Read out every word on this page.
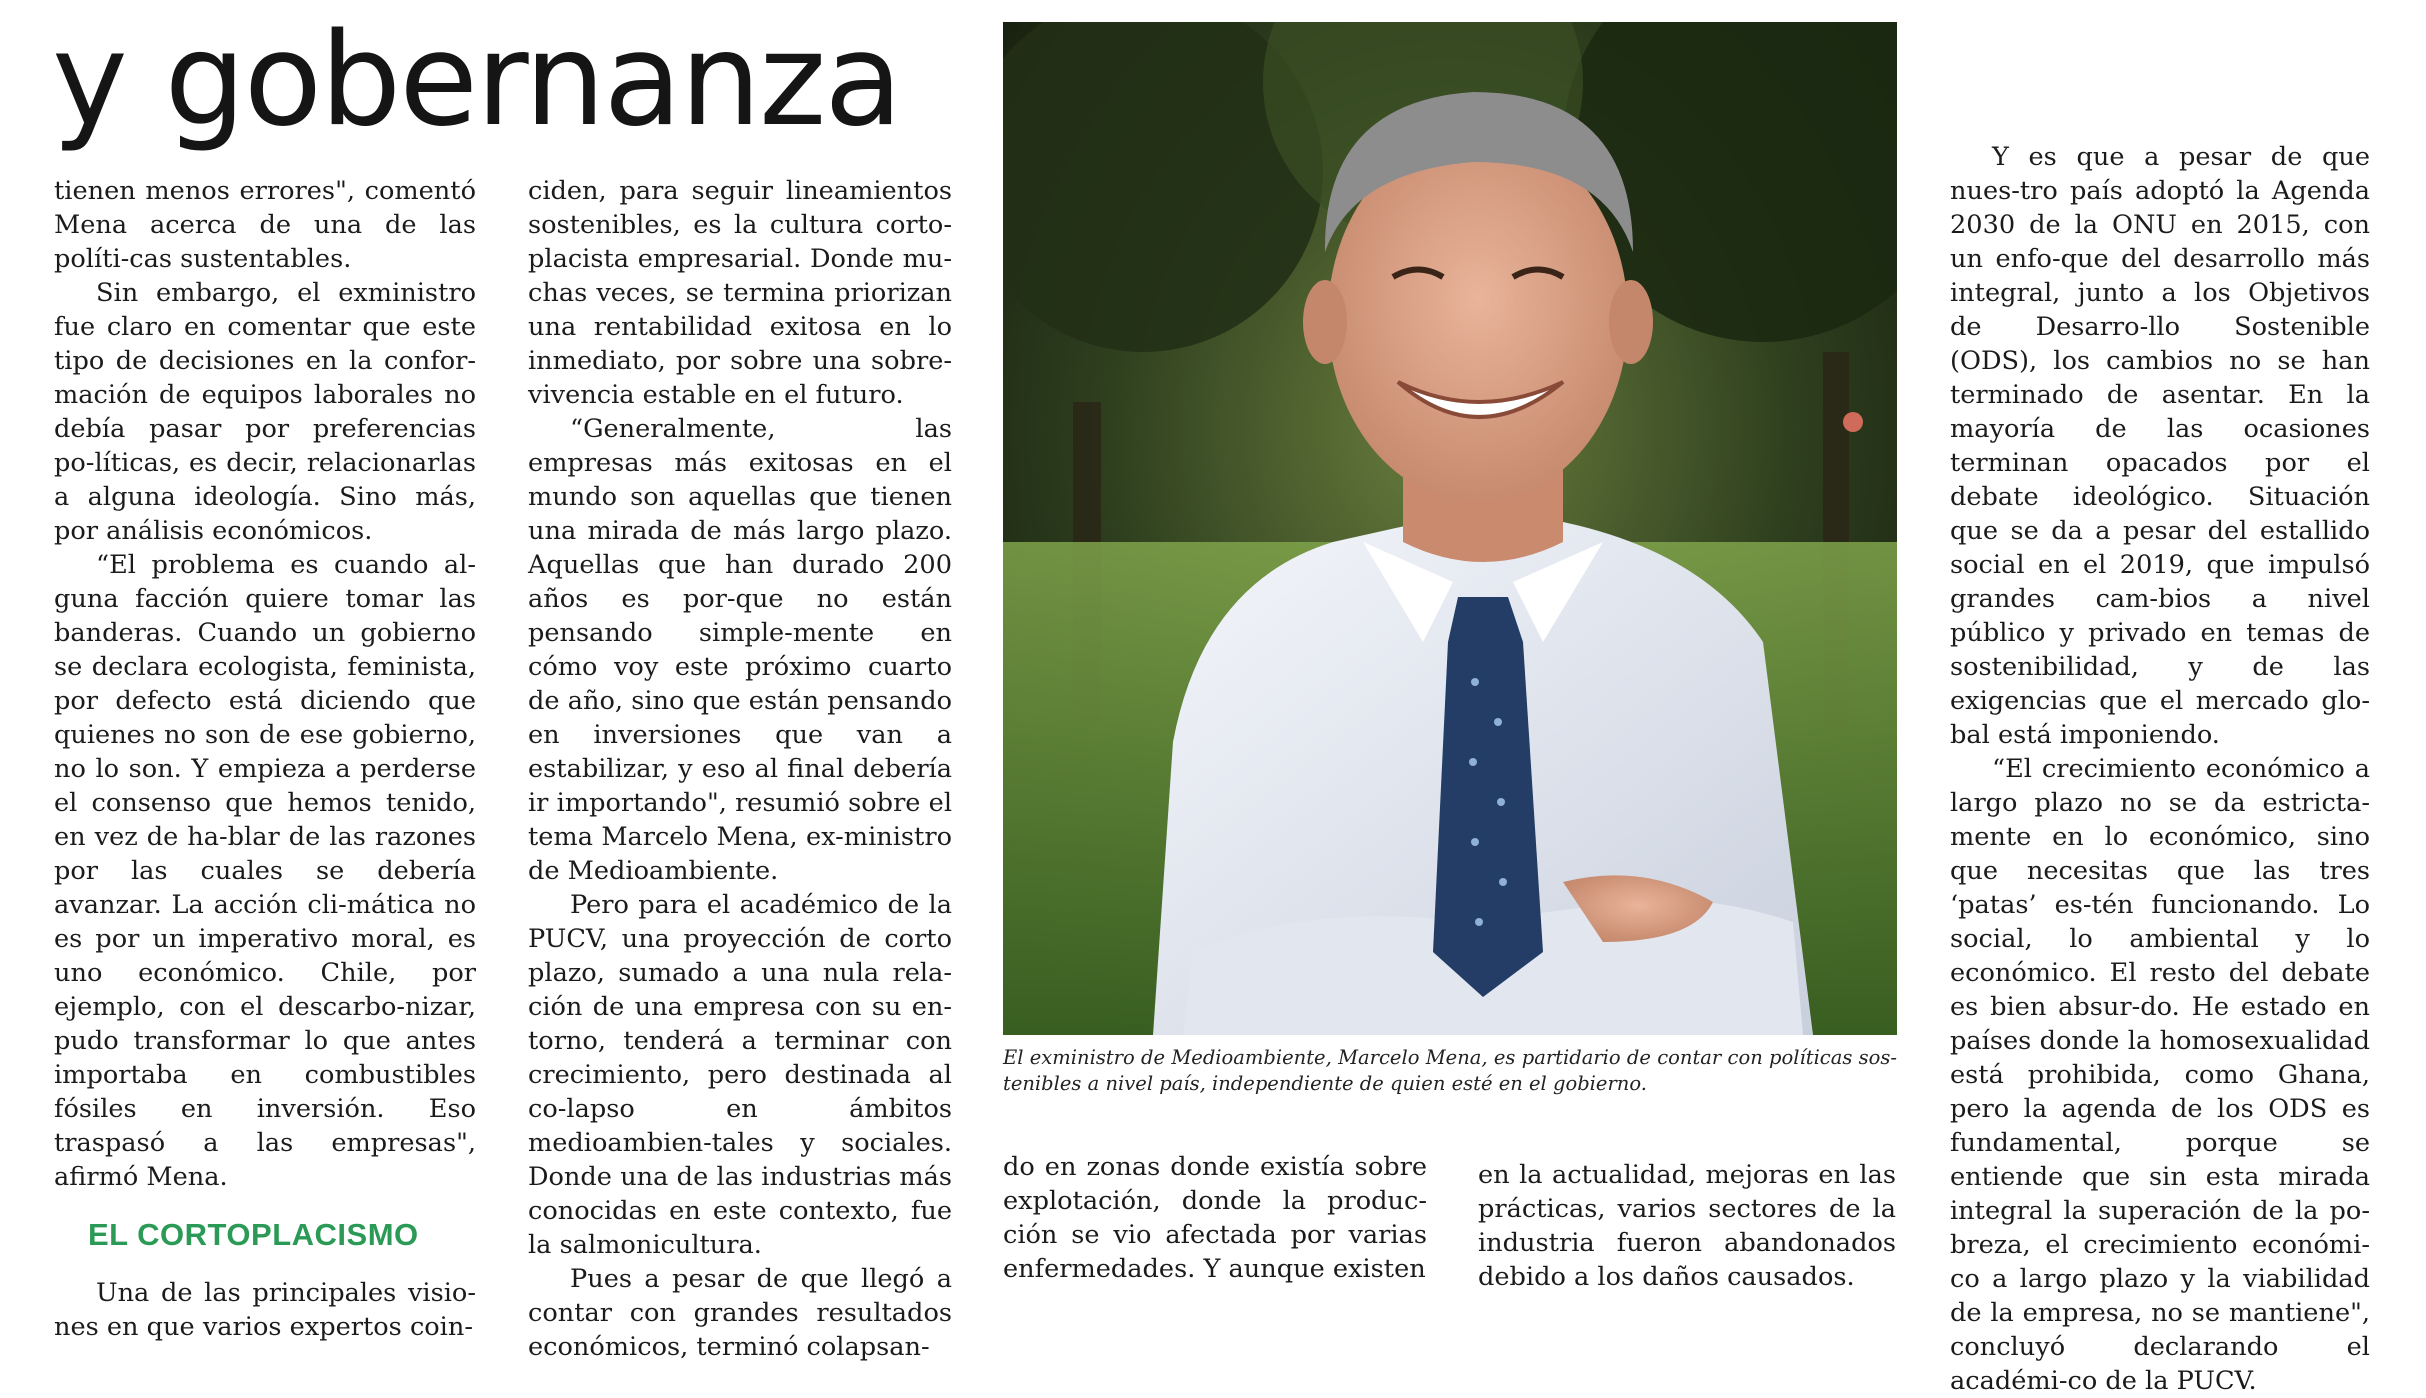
y gobernanza

tienen menos errores", comentó Mena acerca de una de las políti-cas sustentables.

Sin embargo, el exministro fue claro en comentar que este tipo de decisiones en la confor-mación de equipos laborales no debía pasar por preferencias po-líticas, es decir, relacionarlas a alguna ideología. Sino más, por análisis económicos.

“El problema es cuando al-guna facción quiere tomar las banderas. Cuando un gobierno se declara ecologista, feminista, por defecto está diciendo que quienes no son de ese gobierno, no lo son. Y empieza a perderse el consenso que hemos tenido, en vez de ha-blar de las razones por las cuales se debería avanzar. La acción cli-mática no es por un imperativo moral, es uno económico. Chile, por ejemplo, con el descarbo-nizar, pudo transformar lo que antes importaba en combustibles fósiles en inversión. Eso traspasó a las empresas", afirmó Mena.

EL CORTOPLACISMO

Una de las principales visio-nes en que varios expertos coin-

ciden, para seguir lineamientos sostenibles, es la cultura corto-placista empresarial. Donde mu-chas veces, se termina priorizan una rentabilidad exitosa en lo inmediato, por sobre una sobre-vivencia estable en el futuro.

“Generalmente, las empresas más exitosas en el mundo son aquellas que tienen una mirada de más largo plazo. Aquellas que han durado 200 años es por-que no están pensando simple-mente en cómo voy este próximo cuarto de año, sino que están pensando en inversiones que van a estabilizar, y eso al final debería ir importando", resumió sobre el tema Marcelo Mena, ex-ministro de Medioambiente.

Pero para el académico de la PUCV, una proyección de corto plazo, sumado a una nula rela-ción de una empresa con su en-torno, tenderá a terminar con crecimiento, pero destinada al co-lapso en ámbitos medioambien-tales y sociales. Donde una de las industrias más conocidas en este contexto, fue la salmonicultura.

Pues a pesar de que llegó a contar con grandes resultados económicos, terminó colapsan-

El exministro de Medioambiente, Marcelo Mena, es partidario de contar con políticas sos-tenibles a nivel país, independiente de quien esté en el gobierno.

do en zonas donde existía sobre explotación, donde la produc-ción se vio afectada por varias enfermedades. Y aunque existen

en la actualidad, mejoras en las prácticas, varios sectores de la industria fueron abandonados debido a los daños causados.

Y es que a pesar de que nues-tro país adoptó la Agenda 2030 de la ONU en 2015, con un enfo-que del desarrollo más integral, junto a los Objetivos de Desarro-llo Sostenible (ODS), los cambios no se han terminado de asentar. En la mayoría de las ocasiones terminan opacados por el debate ideológico. Situación que se da a pesar del estallido social en el 2019, que impulsó grandes cam-bios a nivel público y privado en temas de sostenibilidad, y de las exigencias que el mercado glo-bal está imponiendo.

“El crecimiento económico a largo plazo no se da estricta-mente en lo económico, sino que necesitas que las tres ‘patas’ es-tén funcionando. Lo social, lo ambiental y lo económico. El resto del debate es bien absur-do. He estado en países donde la homosexualidad está prohibida, como Ghana, pero la agenda de los ODS es fundamental, porque se entiende que sin esta mirada integral la superación de la po-breza, el crecimiento económi-co a largo plazo y la viabilidad de la empresa, no se mantiene", concluyó declarando el académi-co de la PUCV.
